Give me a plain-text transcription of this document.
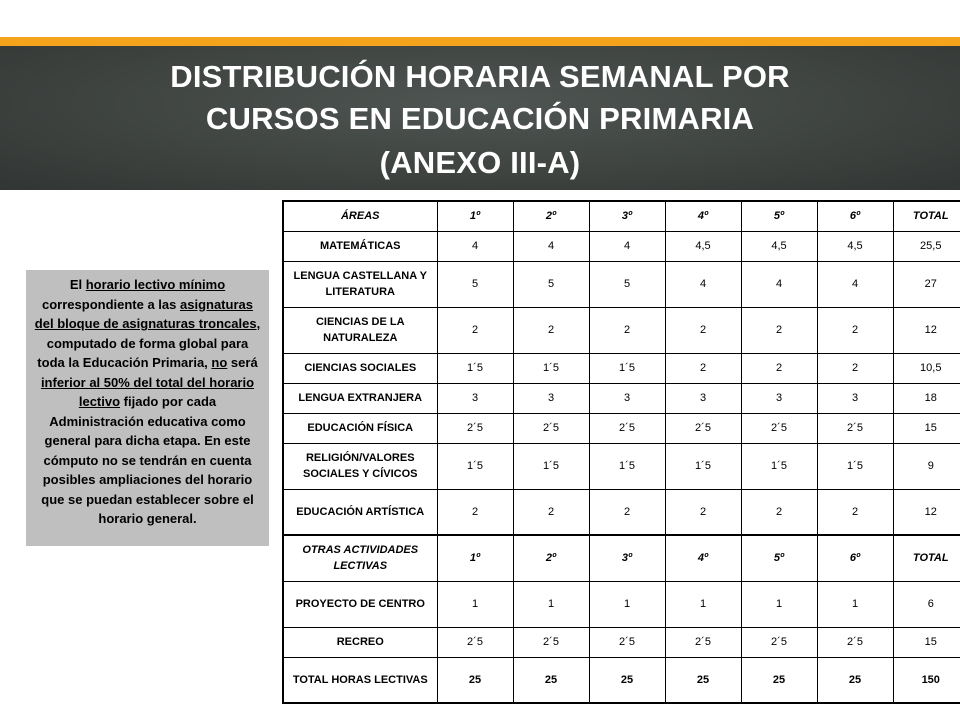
DISTRIBUCIÓN HORARIA SEMANAL POR
CURSOS EN EDUCACIÓN PRIMARIA
(ANEXO III-A)
El horario lectivo mínimo correspondiente a las asignaturas del bloque de asignaturas troncales, computado de forma global para toda la Educación Primaria, no será inferior al 50% del total del horario lectivo fijado por cada Administración educativa como general para dicha etapa. En este cómputo no se tendrán en cuenta posibles ampliaciones del horario que se puedan establecer sobre el horario general.
ÁREAS	1º	2º	3º	4º	5º	6º	TOTAL
MATEMÁTICAS	4	4	4	4,5	4,5	4,5	25,5
LENGUA CASTELLANA Y LITERATURA	5	5	5	4	4	4	27
CIENCIAS DE LA NATURALEZA	2	2	2	2	2	2	12
CIENCIAS SOCIALES	1´5	1´5	1´5	2	2	2	10,5
LENGUA EXTRANJERA	3	3	3	3	3	3	18
EDUCACIÓN FÍSICA	2´5	2´5	2´5	2´5	2´5	2´5	15
RELIGIÓN/VALORES SOCIALES Y CÍVICOS	1´5	1´5	1´5	1´5	1´5	1´5	9
EDUCACIÓN ARTÍSTICA	2	2	2	2	2	2	12
OTRAS ACTIVIDADES LECTIVAS	1º	2º	3º	4º	5º	6º	TOTAL
PROYECTO DE CENTRO	1	1	1	1	1	1	6
RECREO	2´5	2´5	2´5	2´5	2´5	2´5	15
TOTAL HORAS LECTIVAS	25	25	25	25	25	25	150
